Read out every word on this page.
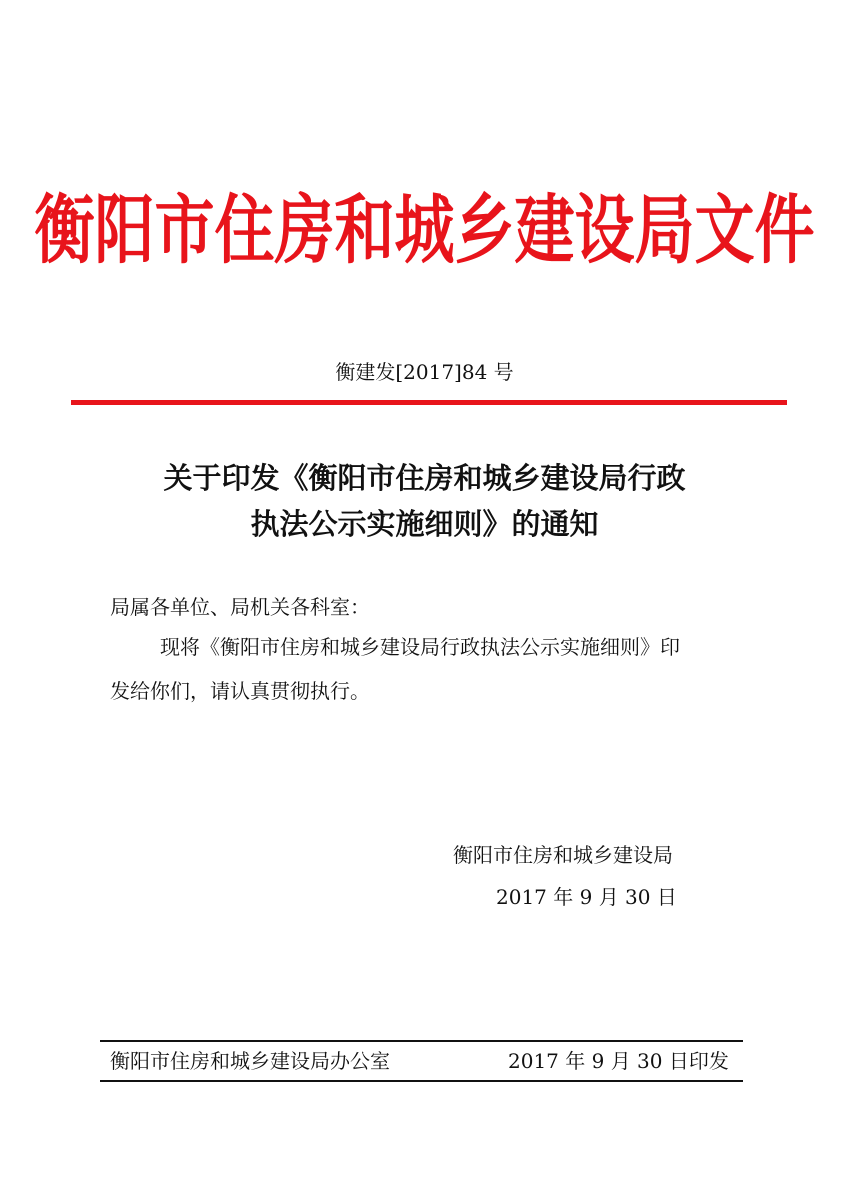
衡阳市住房和城乡建设局文件
衡建发[2017]84 号
关于印发《衡阳市住房和城乡建设局行政
执法公示实施细则》的通知
局属各单位、局机关各科室：
现将《衡阳市住房和城乡建设局行政执法公示实施细则》印
发给你们，请认真贯彻执行。
衡阳市住房和城乡建设局
2017 年 9 月 30 日
衡阳市住房和城乡建设局办公室	2017 年 9 月 30 日印发
